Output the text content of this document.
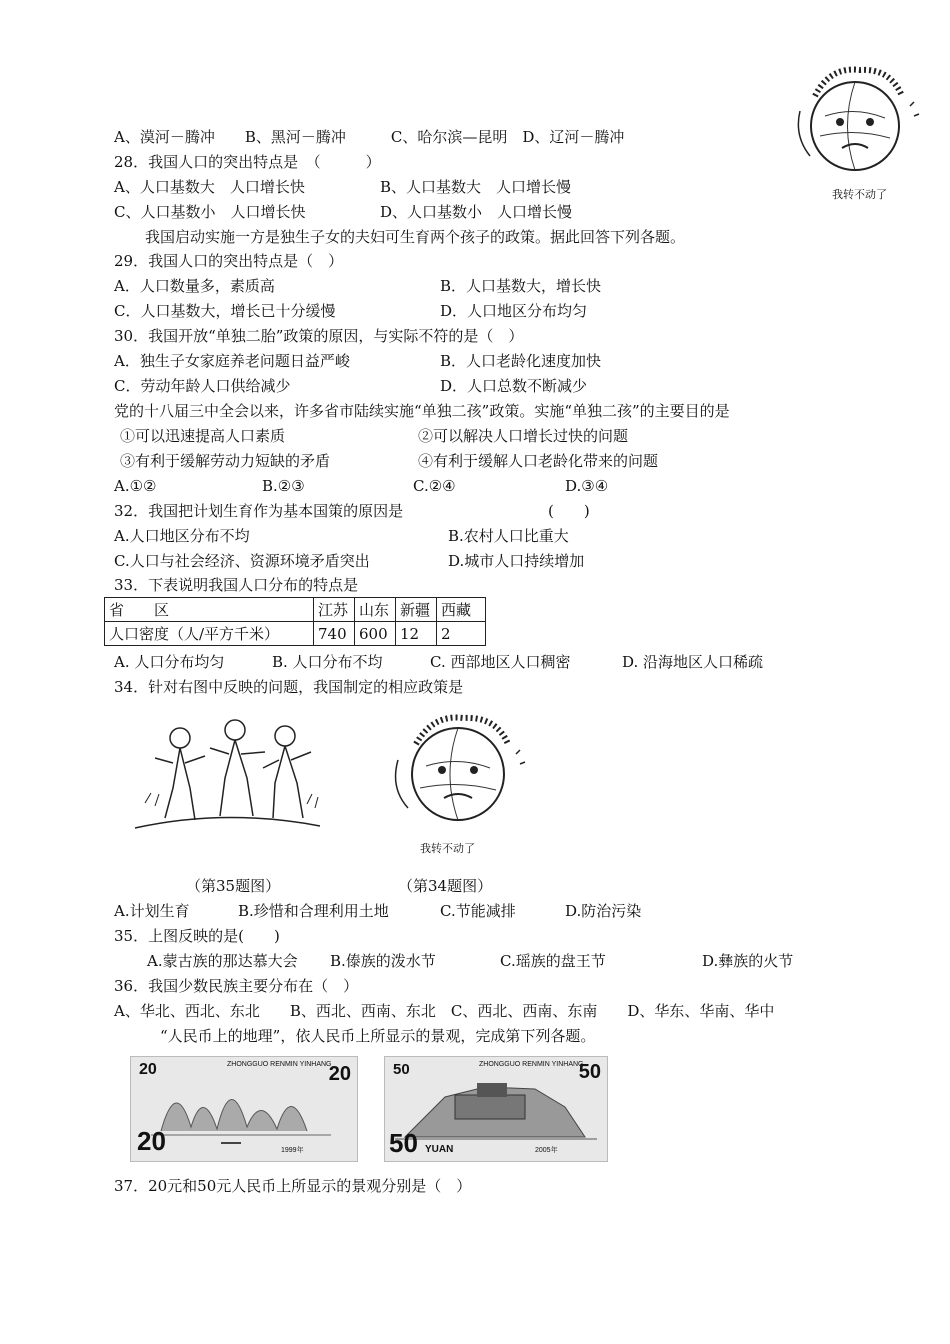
我转不动了
A、漠河－腾冲　　B、黑河－腾冲　　　C、哈尔滨—昆明　D、辽河－腾冲
28．我国人口的突出特点是　（　　　）
A、人口基数大　人口增长快	B、人口基数大　人口增长慢
C、人口基数小　人口增长快	D、人口基数小　人口增长慢
我国启动实施一方是独生子女的夫妇可生育两个孩子的政策。据此回答下列各题。
29．我国人口的突出特点是（　）
A．人口数量多，素质高	B．人口基数大，增长快
C．人口基数大，增长已十分缓慢	D．人口地区分布均匀
30．我国开放“单独二胎”政策的原因，与实际不符的是（　）
A．独生子女家庭养老问题日益严峻	B．人口老龄化速度加快
C．劳动年龄人口供给减少	D．人口总数不断减少
党的十八届三中全会以来，许多省市陆续实施“单独二孩”政策。实施“单独二孩”的主要目的是
①可以迅速提高人口素质	②可以解决人口增长过快的问题
③有利于缓解劳动力短缺的矛盾	④有利于缓解人口老龄化带来的问题
A.①②	B.②③	C.②④	D.③④
32．我国把计划生育作为基本国策的原因是	(　　)
A.人口地区分布不均	B.农村人口比重大
C.人口与社会经济、资源环境矛盾突出	D.城市人口持续增加
33．下表说明我国人口分布的特点是
省　　区	江苏	山东	新疆	西藏
人口密度（人/平方千米）	740	600	12	2
A. 人口分布均匀	B. 人口分布不均	C. 西部地区人口稠密	D. 沿海地区人口稀疏
34．针对右图中反映的问题，我国制定的相应政策是
我转不动了
（第35题图）	（第34题图）
A.计划生育	B.珍惜和合理利用土地	C.节能减排	D.防治污染
35．上图反映的是(　　)
A.蒙古族的那达慕大会 B.傣族的泼水节	C.瑶族的盘王节	D.彝族的火节
36．我国少数民族主要分布在（　）
A、华北、西北、东北　　B、西北、西南、东北　C、西北、西南、东南　　D、华东、华南、华中
“人民币上的地理”，依人民币上所显示的景观，完成第下列各题。
20	ZHONGGUO RENMIN YINHANG
20
20	1999年
50	ZHONGGUO RENMIN YINHANG
50
50 YUAN	2005年
37．20元和50元人民币上所显示的景观分别是（　）
